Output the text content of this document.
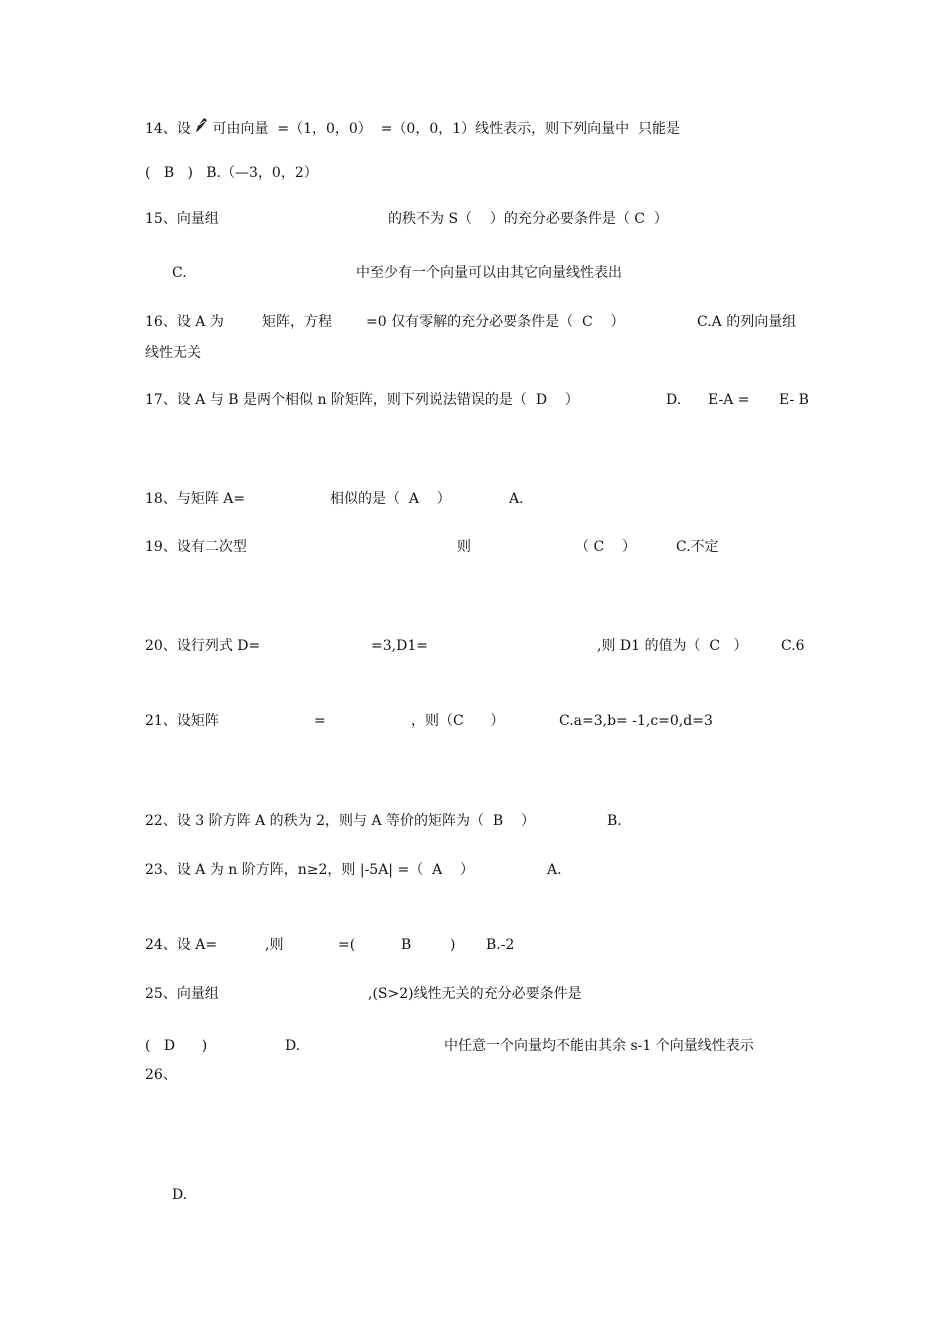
14、设 可由向量  =（1，0，0）  =（0，0，1）线性表示，则下列向量中  只能是
(   B   )   B.（—3，0，2）
15、向量组	的秩不为 S（    ）的充分必要条件是（ C  ）
C.	中至少有一个向量可以由其它向量线性表出
16、设 A 为	矩阵，方程 =0 仅有零解的充分必要条件是（  C    ）	C.A 的列向量组
线性无关
17、设 A 与 B 是两个相似 n 阶矩阵，则下列说法错误的是（  D    ）	D. E-A = E- B
18、与矩阵 A=	相似的是（  A    ）	A.
19、设有二次型	则	（ C    ）	C.不定
20、设行列式 D=	=3,D1=	,则 D1 的值为（  C   ） C.6
21、设矩阵	=	，则（C      ）	C.a=3,b= -1,c=0,d=3
22、设 3 阶方阵 A 的秩为 2，则与 A 等价的矩阵为（  B    ）	B.
23、设 A 为 n 阶方阵，n≥2，则 |-5A| =（  A    ）	A.
24、设 A=	,则	=(	B	) B.-2
25、向量组	,(S>2)线性无关的充分必要条件是
(   D      )	D.	中任意一个向量均不能由其余 s-1 个向量线性表示
26、
D.
